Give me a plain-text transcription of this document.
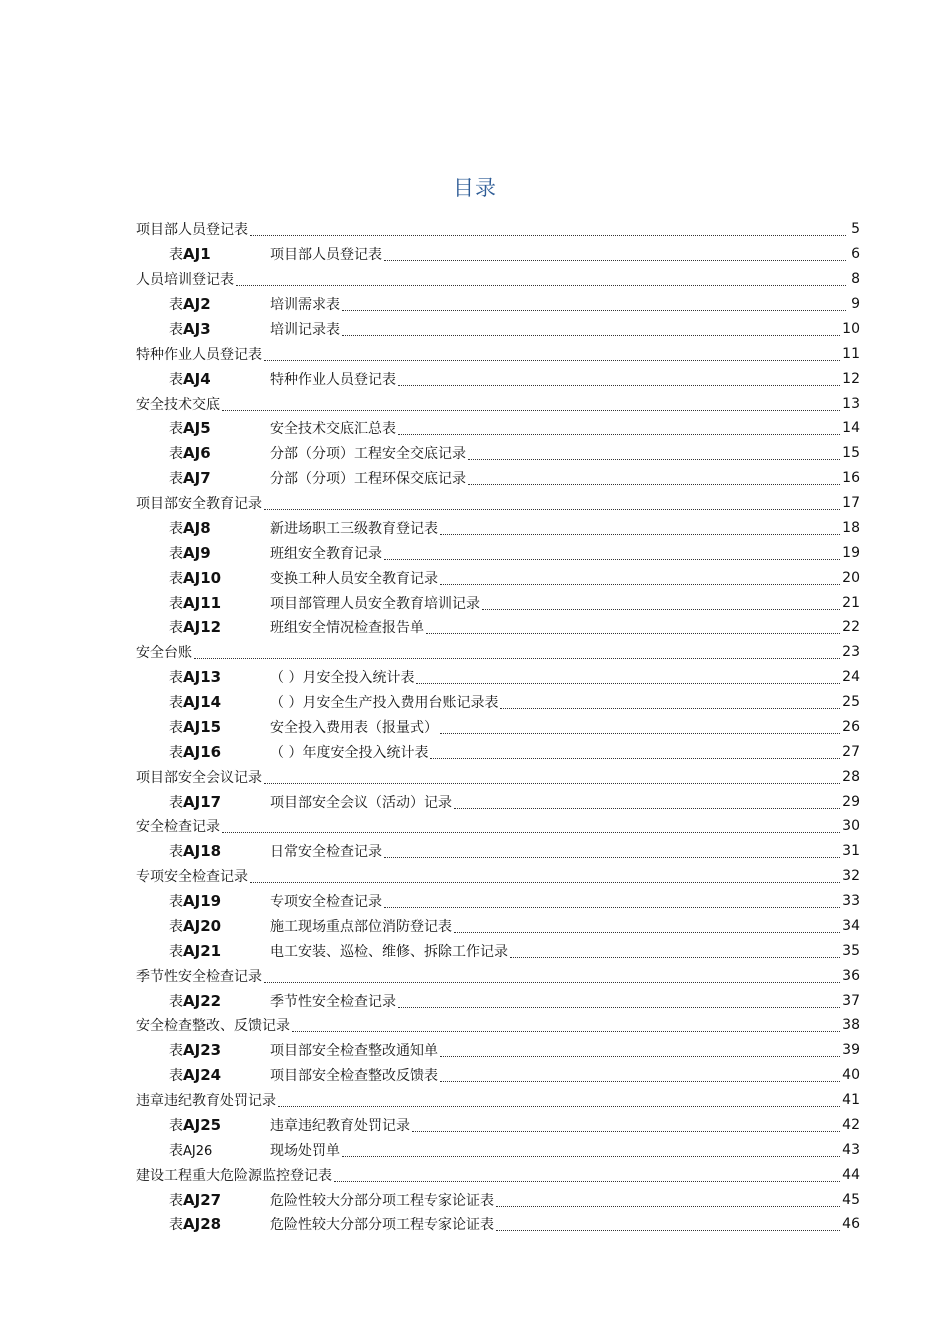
目录
项目部人员登记表	5
表AJ1	项目部人员登记表	6
人员培训登记表	8
表AJ2	培训需求表	9
表AJ3	培训记录表	10
特种作业人员登记表	11
表AJ4	特种作业人员登记表	12
安全技术交底	13
表AJ5	安全技术交底汇总表	14
表AJ6	分部（分项）工程安全交底记录	15
表AJ7	分部（分项）工程环保交底记录	16
项目部安全教育记录	17
表AJ8	新进场职工三级教育登记表	18
表AJ9	班组安全教育记录	19
表AJ10	变换工种人员安全教育记录	20
表AJ11	项目部管理人员安全教育培训记录	21
表AJ12	班组安全情况检查报告单	22
安全台账	23
表AJ13	（ ）月安全投入统计表	24
表AJ14	（ ）月安全生产投入费用台账记录表	25
表AJ15	安全投入费用表（报量式）	26
表AJ16	（ ）年度安全投入统计表	27
项目部安全会议记录	28
表AJ17	项目部安全会议（活动）记录	29
安全检查记录	30
表AJ18	日常安全检查记录	31
专项安全检查记录	32
表AJ19	专项安全检查记录	33
表AJ20	施工现场重点部位消防登记表	34
表AJ21	电工安装、巡检、维修、拆除工作记录	35
季节性安全检查记录	36
表AJ22	季节性安全检查记录	37
安全检查整改、反馈记录	38
表AJ23	项目部安全检查整改通知单	39
表AJ24	项目部安全检查整改反馈表	40
违章违纪教育处罚记录	41
表AJ25	违章违纪教育处罚记录	42
表AJ26	现场处罚单	43
建设工程重大危险源监控登记表	44
表AJ27	危险性较大分部分项工程专家论证表	45
表AJ28	危险性较大分部分项工程专家论证表	46
